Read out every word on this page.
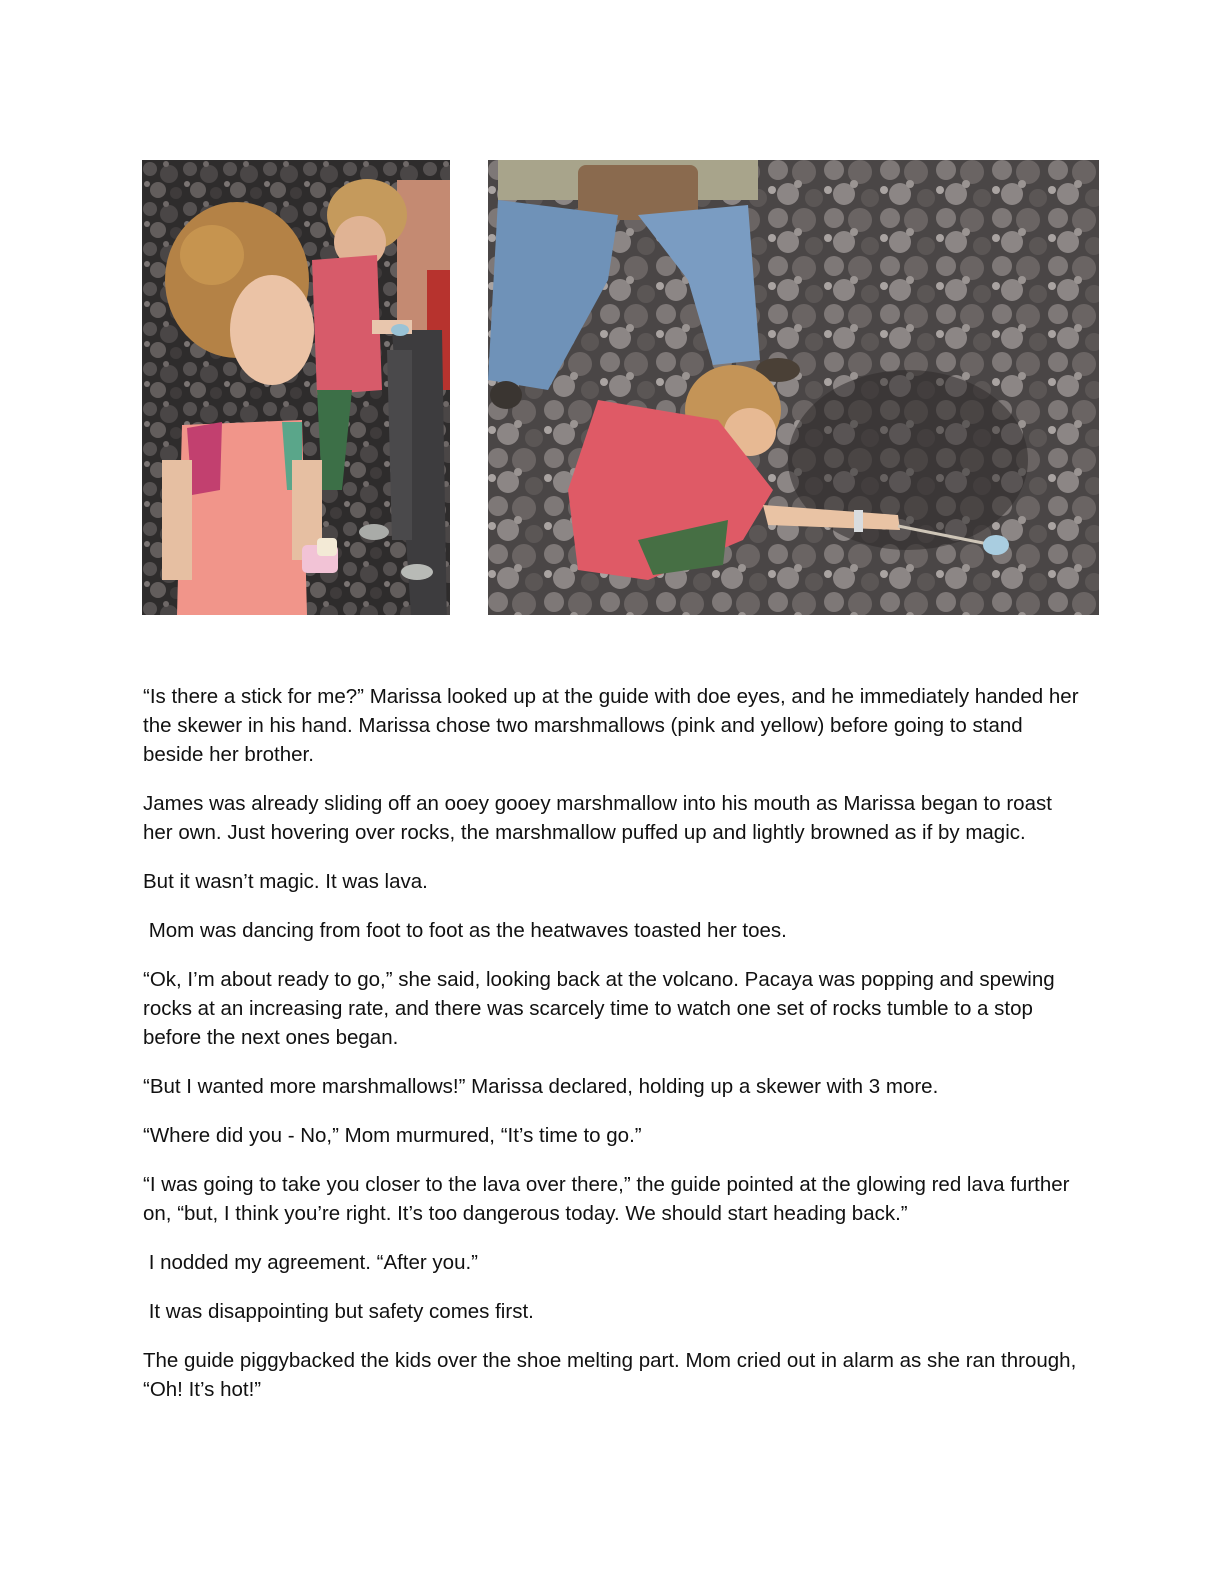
“Is there a stick for me?” Marissa looked up at the guide with doe eyes, and he immediately handed her the skewer in his hand. Marissa chose two marshmallows (pink and yellow) before going to stand beside her brother.

James was already sliding off an ooey gooey marshmallow into his mouth as Marissa began to roast her own. Just hovering over rocks, the marshmallow puffed up and lightly browned as if by magic.

But it wasn’t magic. It was lava.

Mom was dancing from foot to foot as the heatwaves toasted her toes.

“Ok, I’m about ready to go,” she said, looking back at the volcano. Pacaya was popping and spewing rocks at an increasing rate, and there was scarcely time to watch one set of rocks tumble to a stop before the next ones began.

“But I wanted more marshmallows!” Marissa declared, holding up a skewer with 3 more.

“Where did you - No,” Mom murmured, “It’s time to go.”

“I was going to take you closer to the lava over there,” the guide pointed at the glowing red lava further on, “but, I think you’re right. It’s too dangerous today. We should start heading back.”

I nodded my agreement. “After you.”

It was disappointing but safety comes first.

The guide piggybacked the kids over the shoe melting part. Mom cried out in alarm as she ran through, “Oh! It’s hot!”
